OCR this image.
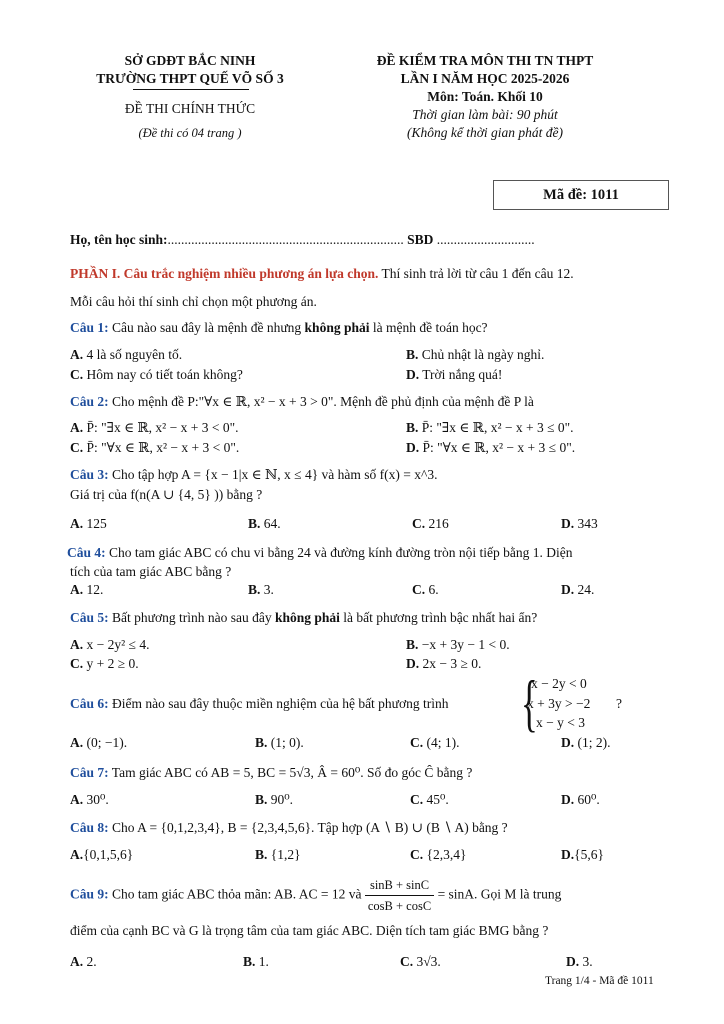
SỞ GDĐT BẮC NINH
TRƯỜNG THPT QUẾ VÕ SỐ 3
ĐỀ THI CHÍNH THỨC
(Đề thi có 04 trang )
ĐỀ KIỂM TRA MÔN THI TN THPT
LẦN I NĂM HỌC 2025-2026
Môn: Toán. Khối 10
Thời gian làm bài: 90 phút
(Không kể thời gian phát đề)
Mã đề: 1011
Họ, tên học sinh:...................................................................... SBD .............................
PHẦN I. Câu trắc nghiệm nhiều phương án lựa chọn. Thí sinh trả lời từ câu 1 đến câu 12.
Mỗi câu hỏi thí sinh chỉ chọn một phương án.
Câu 1: Câu nào sau đây là mệnh đề nhưng không phải là mệnh đề toán học?
A. 4 là số nguyên tố.	B. Chủ nhật là ngày nghỉ.
C. Hôm nay có tiết toán không?	D. Trời nắng quá!
Câu 2: Cho mệnh đề P:"∀x ∈ ℝ, x² − x + 3 > 0". Mệnh đề phủ định của mệnh đề P là
A. P̄: "∃x ∈ ℝ, x² − x + 3 < 0".	B. P̄: "∃x ∈ ℝ, x² − x + 3 ≤ 0".
C. P̄: "∀x ∈ ℝ, x² − x + 3 < 0".	D. P̄: "∀x ∈ ℝ, x² − x + 3 ≤ 0".
Câu 3: Cho tập hợp A = {x − 1|x ∈ ℕ, x ≤ 4} và hàm số f(x) = x^3.
Giá trị của f(n(A ∪ {4, 5} )) bằng ?
A. 125	B. 64.	C. 216	D. 343
Câu 4: Cho tam giác ABC có chu vi bằng 24 và đường kính đường tròn nội tiếp bằng 1. Diện
tích của tam giác ABC bằng ?
A. 12.	B. 3.	C. 6.	D. 24.
Câu 5: Bất phương trình nào sau đây không phải là bất phương trình bậc nhất hai ẩn?
A. x − 2y² ≤ 4.	B. −x + 3y − 1 < 0.
C. y + 2 ≥ 0.	D. 2x − 3 ≥ 0.
Câu 6: Điểm nào sau đây thuộc miền nghiệm của hệ bất phương trình	{
x − 2y < 0
x + 3y > −2
x − y < 3
?
A. (0; −1).	B. (1; 0).	C. (4; 1).	D. (1; 2).
Câu 7: Tam giác ABC có AB = 5, BC = 5√3, Â = 60⁰. Số đo góc Ĉ bằng ?
A. 30⁰.	B. 90⁰.	C. 45⁰.	D. 60⁰.
Câu 8: Cho A = {0,1,2,3,4}, B = {2,3,4,5,6}. Tập hợp (A ∖ B) ∪ (B ∖ A) bằng ?
A.{0,1,5,6}	B. {1,2}	C. {2,3,4}	D.{5,6}
Câu 9: Cho tam giác ABC thỏa mãn: AB. AC = 12 và $\frac{\sin B + \sin C}{\cos B + \cos C} = \sin A$. Gọi M là trung
điểm của cạnh BC và G là trọng tâm của tam giác ABC. Diện tích tam giác BMG bằng ?
A. 2.	B. 1.	C. 3√3.	D. 3.
Trang 1/4 - Mã đề 1011
